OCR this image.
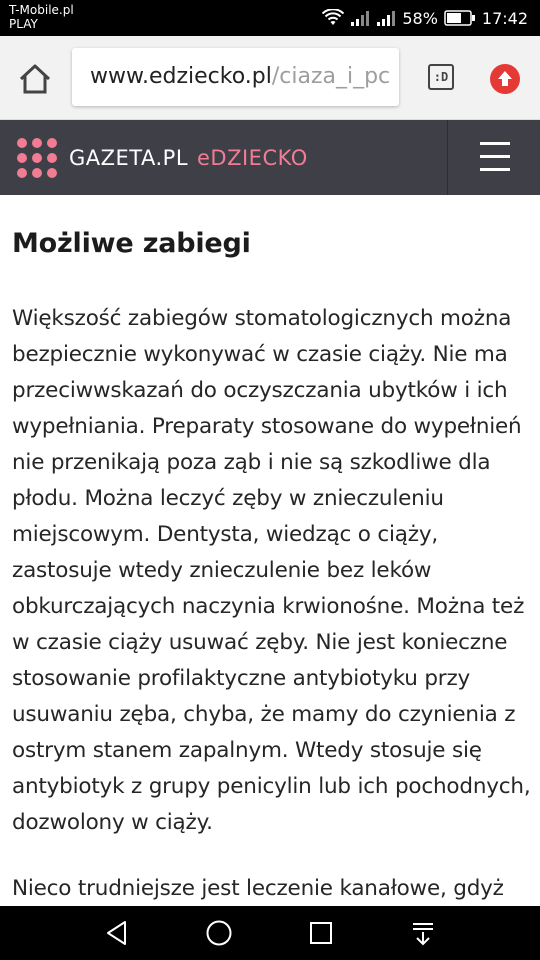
T-Mobile.pl
PLAY	58%	17:42
www.edziecko.pl/ciaza_i_pc	:D
GAZETA.PL eDZIECKO
Możliwe zabiegi

Większość zabiegów stomatologicznych można bezpiecznie wykonywać w czasie ciąży. Nie ma przeciwwskazań do oczyszczania ubytków i ich wypełniania. Preparaty stosowane do wypełnień nie przenikają poza ząb i nie są szkodliwe dla płodu. Można leczyć zęby w znieczuleniu miejscowym. Dentysta, wiedząc o ciąży, zastosuje wtedy znieczulenie bez leków obkurczających naczynia krwionośne. Można też w czasie ciąży usuwać zęby. Nie jest konieczne stosowanie profilaktyczne antybiotyku przy usuwaniu zęba, chyba, że mamy do czynienia z ostrym stanem zapalnym. Wtedy stosuje się antybiotyk z grupy penicylin lub ich pochodnych, dozwolony w ciąży.

Nieco trudniejsze jest leczenie kanałowe, gdyż
